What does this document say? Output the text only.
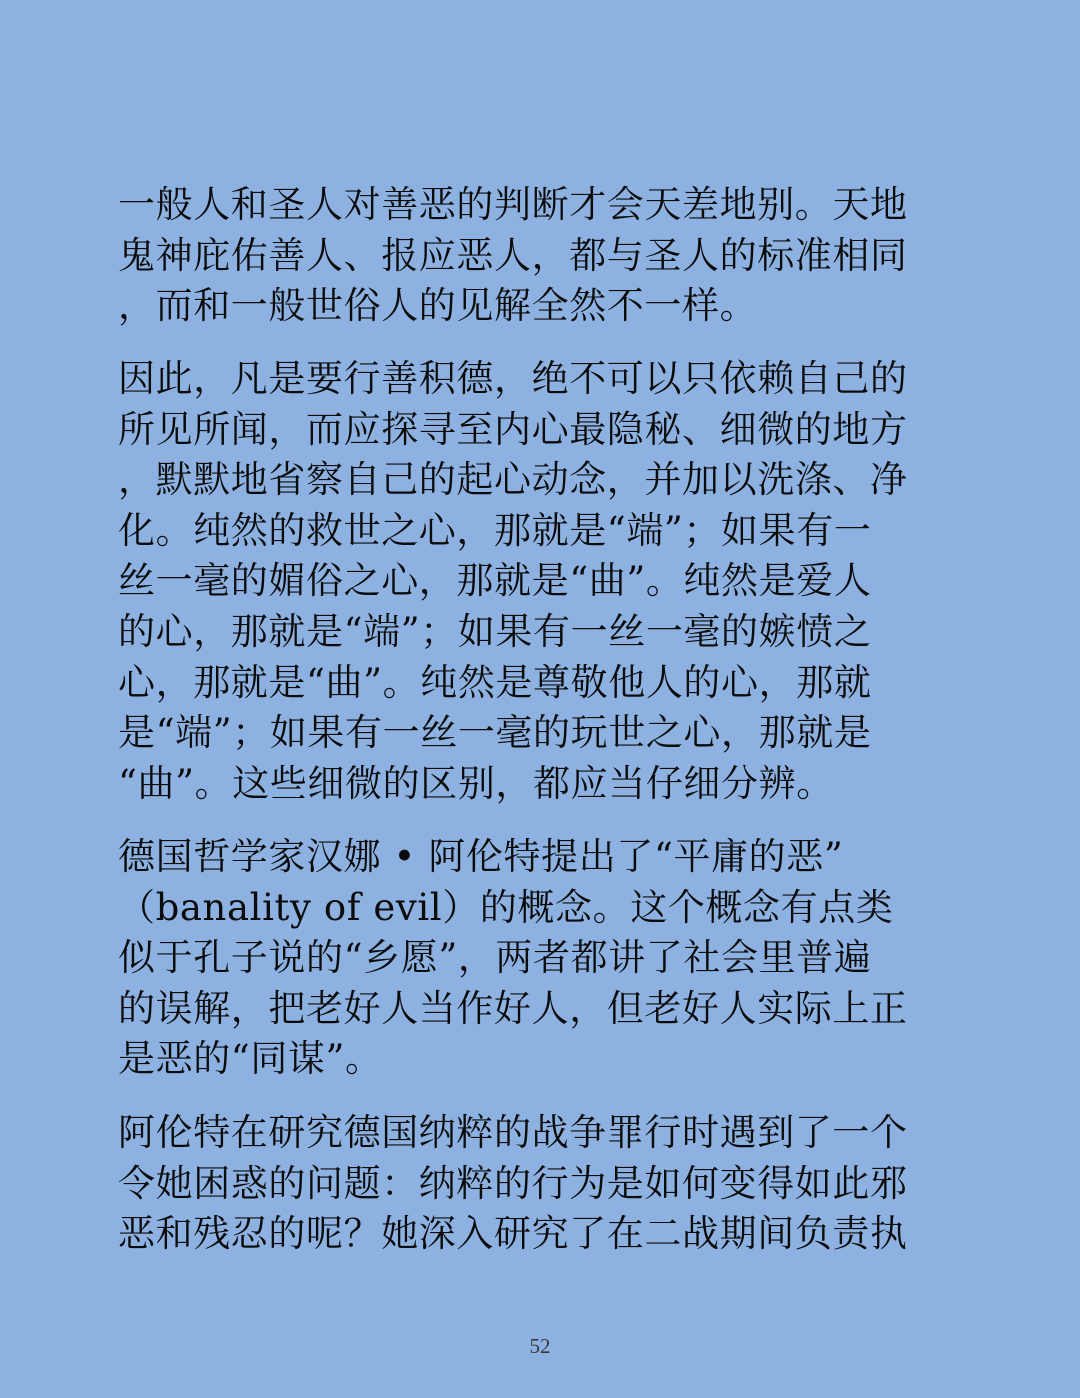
一般人和圣人对善恶的判断才会天差地别。天地
鬼神庇佑善人、报应恶人，都与圣人的标准相同
，而和一般世俗人的见解全然不一样。
因此，凡是要行善积德，绝不可以只依赖自己的
所见所闻，而应探寻至内心最隐秘、细微的地方
，默默地省察自己的起心动念，并加以洗涤、净
化。纯然的救世之心，那就是“端”；如果有一
丝一毫的媚俗之心，那就是“曲”。纯然是爱人
的心，那就是“端”；如果有一丝一毫的嫉愤之
心，那就是“曲”。纯然是尊敬他人的心，那就
是“端”；如果有一丝一毫的玩世之心，那就是
“曲”。这些细微的区别，都应当仔细分辨。
德国哲学家汉娜 • 阿伦特提出了“平庸的恶”
（banality of evil）的概念。这个概念有点类
似于孔子说的“乡愿”，两者都讲了社会里普遍
的误解，把老好人当作好人，但老好人实际上正
是恶的“同谋”。
阿伦特在研究德国纳粹的战争罪行时遇到了一个
令她困惑的问题：纳粹的行为是如何变得如此邪
恶和残忍的呢？她深入研究了在二战期间负责执
52
